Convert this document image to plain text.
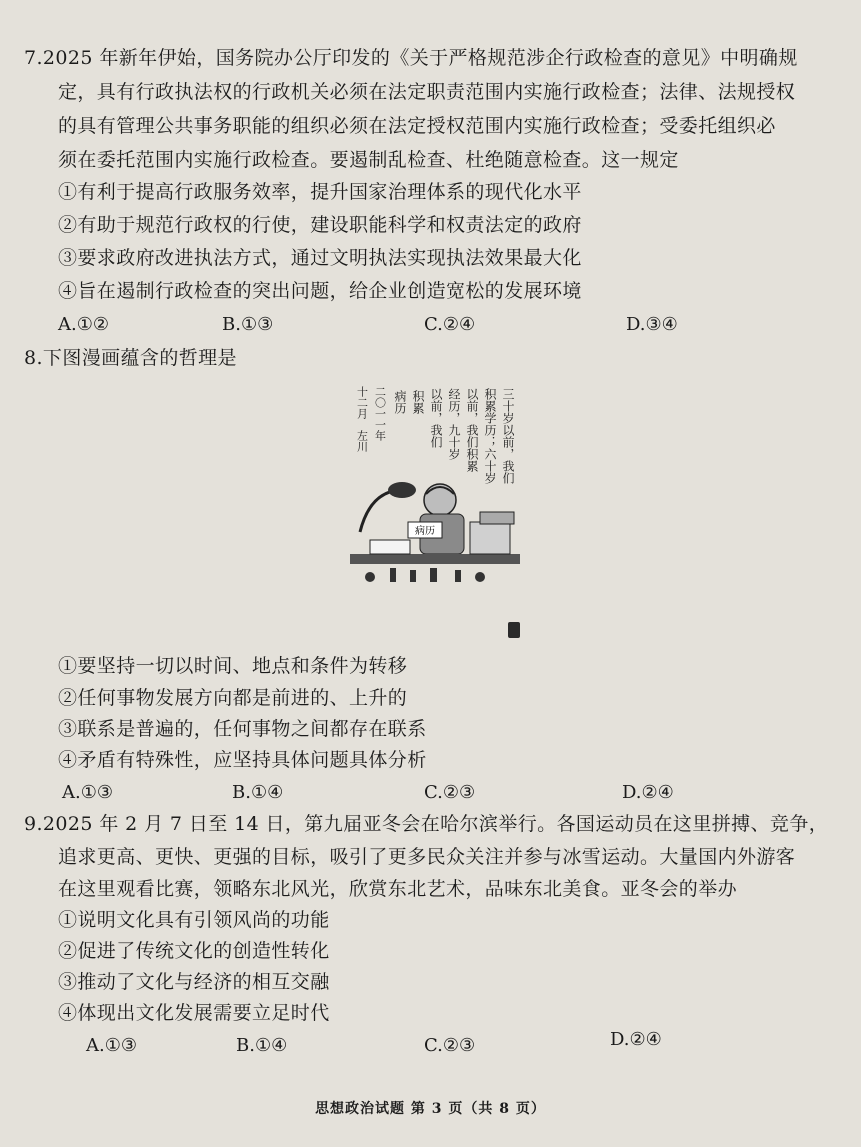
7.2025 年新年伊始，国务院办公厅印发的《关于严格规范涉企行政检查的意见》中明确规
定，具有行政执法权的行政机关必须在法定职责范围内实施行政检查；法律、法规授权
的具有管理公共事务职能的组织必须在法定授权范围内实施行政检查；受委托组织必
须在委托范围内实施行政检查。要遏制乱检查、杜绝随意检查。这一规定
①有利于提高行政服务效率，提升国家治理体系的现代化水平
②有助于规范行政权的行使，建设职能科学和权责法定的政府
③要求政府改进执法方式，通过文明执法实现执法效果最大化
④旨在遏制行政检查的突出问题，给企业创造宽松的发展环境
A.①②	B.①③	C.②④	D.③④
8.下图漫画蕴含的哲理是
三十岁以前，我们
积累学历；六十岁
以前，我们积累
经历，九十岁
以前，我们
积累
病历
二〇一一年
十二月　左川
病历
①要坚持一切以时间、地点和条件为转移
②任何事物发展方向都是前进的、上升的
③联系是普遍的，任何事物之间都存在联系
④矛盾有特殊性，应坚持具体问题具体分析
A.①③	B.①④	C.②③	D.②④
9.2025 年 2 月 7 日至 14 日，第九届亚冬会在哈尔滨举行。各国运动员在这里拼搏、竞争，
追求更高、更快、更强的目标，吸引了更多民众关注并参与冰雪运动。大量国内外游客
在这里观看比赛，领略东北风光，欣赏东北艺术，品味东北美食。亚冬会的举办
①说明文化具有引领风尚的功能
②促进了传统文化的创造性转化
③推动了文化与经济的相互交融
④体现出文化发展需要立足时代
A.①③	B.①④	C.②③	D.②④
思想政治试题 第 3 页（共 8 页）
